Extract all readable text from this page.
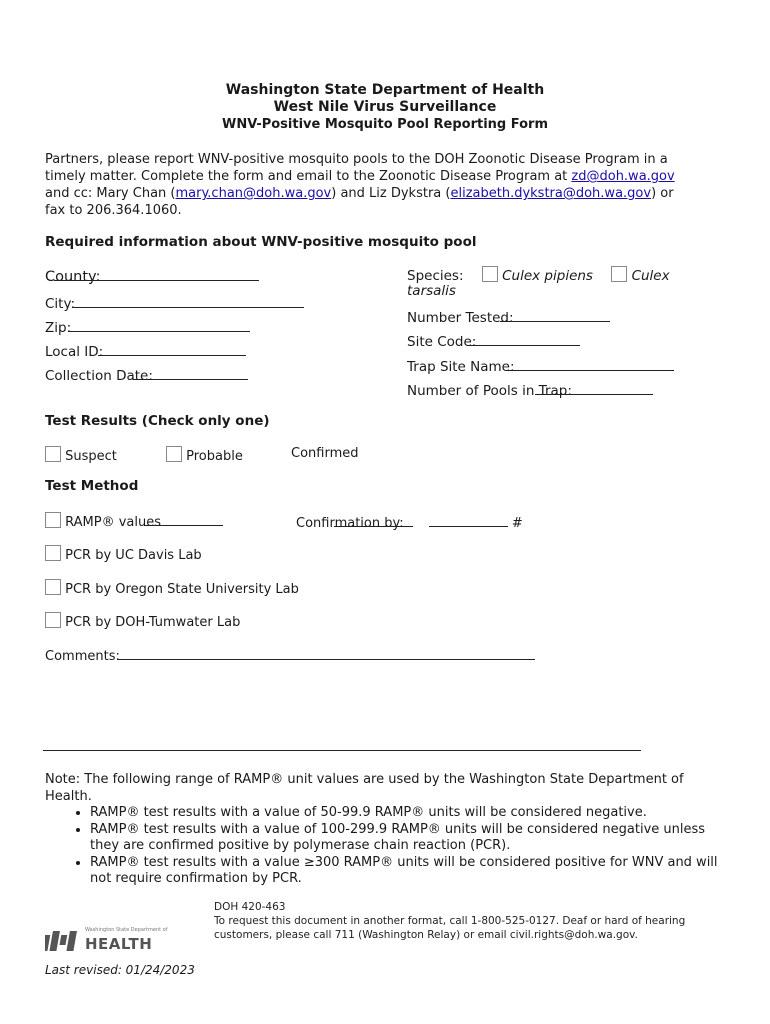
Washington State Department of Health
West Nile Virus Surveillance
WNV-Positive Mosquito Pool Reporting Form
Partners, please report WNV-positive mosquito pools to the DOH Zoonotic Disease Program in a
timely matter. Complete the form and email to the Zoonotic Disease Program at zd@doh.wa.gov
and cc: Mary Chan (mary.chan@doh.wa.gov) and Liz Dykstra (elizabeth.dykstra@doh.wa.gov) or
fax to 206.364.1060.
Required information about WNV-positive mosquito pool
County:
City:
Zip:
Local ID:
Collection Date:
Species:	Culex pipiens	Culex
tarsalis
Number Tested:
Site Code:
Trap Site Name:
Number of Pools in Trap:
Test Results (Check only one)
Suspect	Probable	Confirmed
Test Method
RAMP® values	Confirmation by:	#
PCR by UC Davis Lab
PCR by Oregon State University Lab
PCR by DOH-Tumwater Lab
Comments:
Note: The following range of RAMP® unit values are used by the Washington State Department of Health.
• RAMP® test results with a value of 50-99.9 RAMP® units will be considered negative.
• RAMP® test results with a value of 100-299.9 RAMP® units will be considered negative unless they are confirmed positive by polymerase chain reaction (PCR).
• RAMP® test results with a value ≥300 RAMP® units will be considered positive for WNV and will not require confirmation by PCR.
DOH 420-463
To request this document in another format, call 1-800-525-0127. Deaf or hard of hearing customers, please call 711 (Washington Relay) or email civil.rights@doh.wa.gov.
Washington State Department of
HEALTH
Last revised: 01/24/2023
